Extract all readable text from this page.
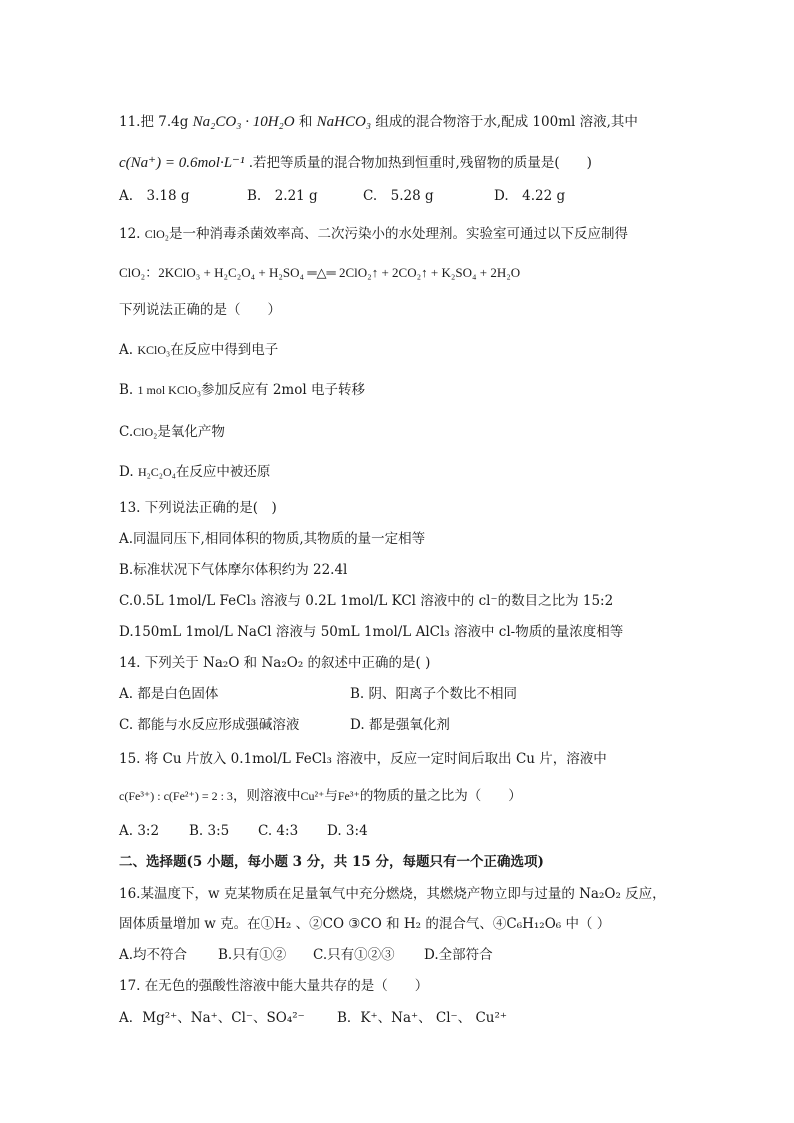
11.把 7.4g Na₂CO₃ · 10H₂O 和 NaHCO₃ 组成的混合物溶于水,配成 100ml 溶液,其中
c(Na⁺) = 0.6mol·L⁻¹ .若把等质量的混合物加热到恒重时,残留物的质量是(　　)
A.　3.18 g	B.　2.21 g	C.　5.28 g	D.　4.22 g
12. ClO₂是一种消毒杀菌效率高、二次污染小的水处理剂。实验室可通过以下反应制得
ClO₂：2KClO₃ + H₂C₂O₄ + H₂SO₄ ═△═ 2ClO₂↑ + 2CO₂↑ + K₂SO₄ + 2H₂O
下列说法正确的是（　　）
A. KClO₃在反应中得到电子
B. 1 mol KClO₃参加反应有 2mol 电子转移
C.ClO₂是氧化产物
D. H₂C₂O₄在反应中被还原
13. 下列说法正确的是(　)
A.同温同压下,相同体积的物质,其物质的量一定相等
B.标准状况下气体摩尔体积约为 22.4l
C.0.5L 1mol/L FeCl₃ 溶液与 0.2L 1mol/L KCl 溶液中的 cl⁻的数目之比为 15:2
D.150mL 1mol/L NaCl 溶液与 50mL 1mol/L AlCl₃ 溶液中 cl-物质的量浓度相等
14. 下列关于 Na₂O 和 Na₂O₂ 的叙述中正确的是( )
A. 都是白色固体	B. 阴、阳离子个数比不相同
C. 都能与水反应形成强碱溶液	D. 都是强氧化剂
15. 将 Cu 片放入 0.1mol/L FeCl₃ 溶液中，反应一定时间后取出 Cu 片，溶液中
c(Fe³⁺) : c(Fe²⁺) = 2 : 3，则溶液中Cu²⁺与Fe³⁺的物质的量之比为（　　）
A. 3:2 B. 3:5 C. 4:3 D. 3:4
二、选择题(5 小题，每小题 3 分，共 15 分，每题只有一个正确选项)
16.某温度下，w 克某物质在足量氧气中充分燃烧，其燃烧产物立即与过量的 Na₂O₂ 反应，
固体质量增加 w 克。在①H₂ 、②CO ③CO 和 H₂ 的混合气、④C₆H₁₂O₆ 中（ ）
A.均不符合 B.只有①② C.只有①②③ D.全部符合
17. 在无色的强酸性溶液中能大量共存的是（　　）
A．Mg²⁺、Na⁺、Cl⁻、SO₄²⁻ B．K⁺、Na⁺、 Cl⁻、 Cu²⁺
